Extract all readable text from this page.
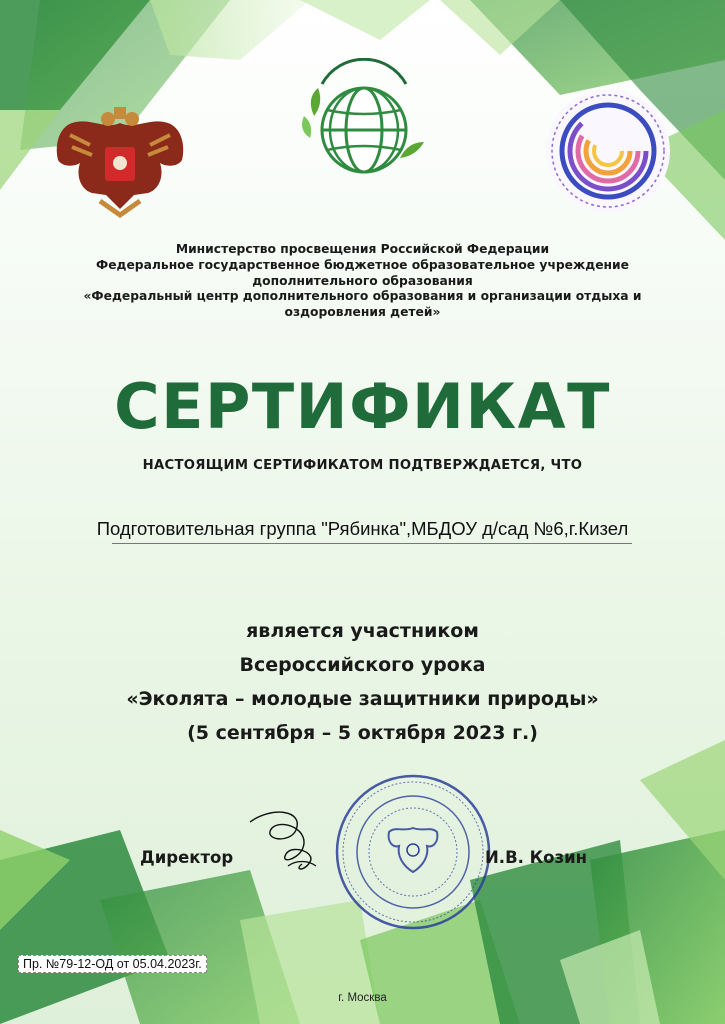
Министерство просвещения Российской Федерации
Федеральное государственное бюджетное образовательное учреждение
дополнительного образования
«Федеральный центр дополнительного образования и организации отдыха и
оздоровления детей»
СЕРТИФИКАТ
НАСТОЯЩИМ СЕРТИФИКАТОМ ПОДТВЕРЖДАЕТСЯ, ЧТО
Подготовительная группа "Рябинка",МБДОУ д/сад №6,г.Кизел
является участником
Всероссийского урока
«Эколята – молодые защитники природы»
(5 сентября – 5 октября 2023 г.)
Директор	И.В. Козин
Пр. №79-12-ОД от 05.04.2023г.
г. Москва
